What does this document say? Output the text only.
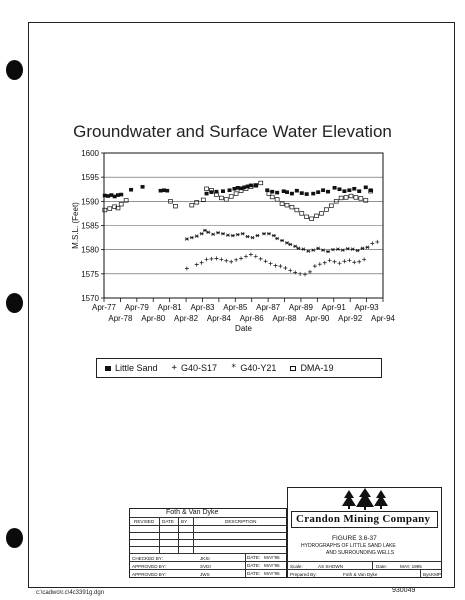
Groundwater and Surface Water Elevation
1570
1575
1580
1585
1590
1595
1600
Apr-77 Apr-79 Apr-81 Apr-83 Apr-85 Apr-87 Apr-89 Apr-91 Apr-93
Apr-78 Apr-80 Apr-82 Apr-84 Apr-86 Apr-88 Apr-90 Apr-92 Apr-94
Date
M.S.L. (Feet)
Little Sand + G40-S17 * G40-Y21	DMA-19
Foth & Van Dyke
REVISED DATE BY	DESCRIPTION
CHECKED BY:	JKSI	DATE: MAY'95
APPROVED BY:	SVDI	DATE: MAY'95
APPROVED BY:	JWS	DATE: MAY'95
Crandon Mining Company
FIGURE 3.6-37
HYDROGRAPHS OF LITTLE SAND LAKE
AND SURROUNDING WELLS
Scale:	AS SHOWN	Date:	MAY, 1995
Prepared By:	Foth & Van Dyke	Bys KMP
c:\cadwo\r.c\4c3391g.dgn	930049
